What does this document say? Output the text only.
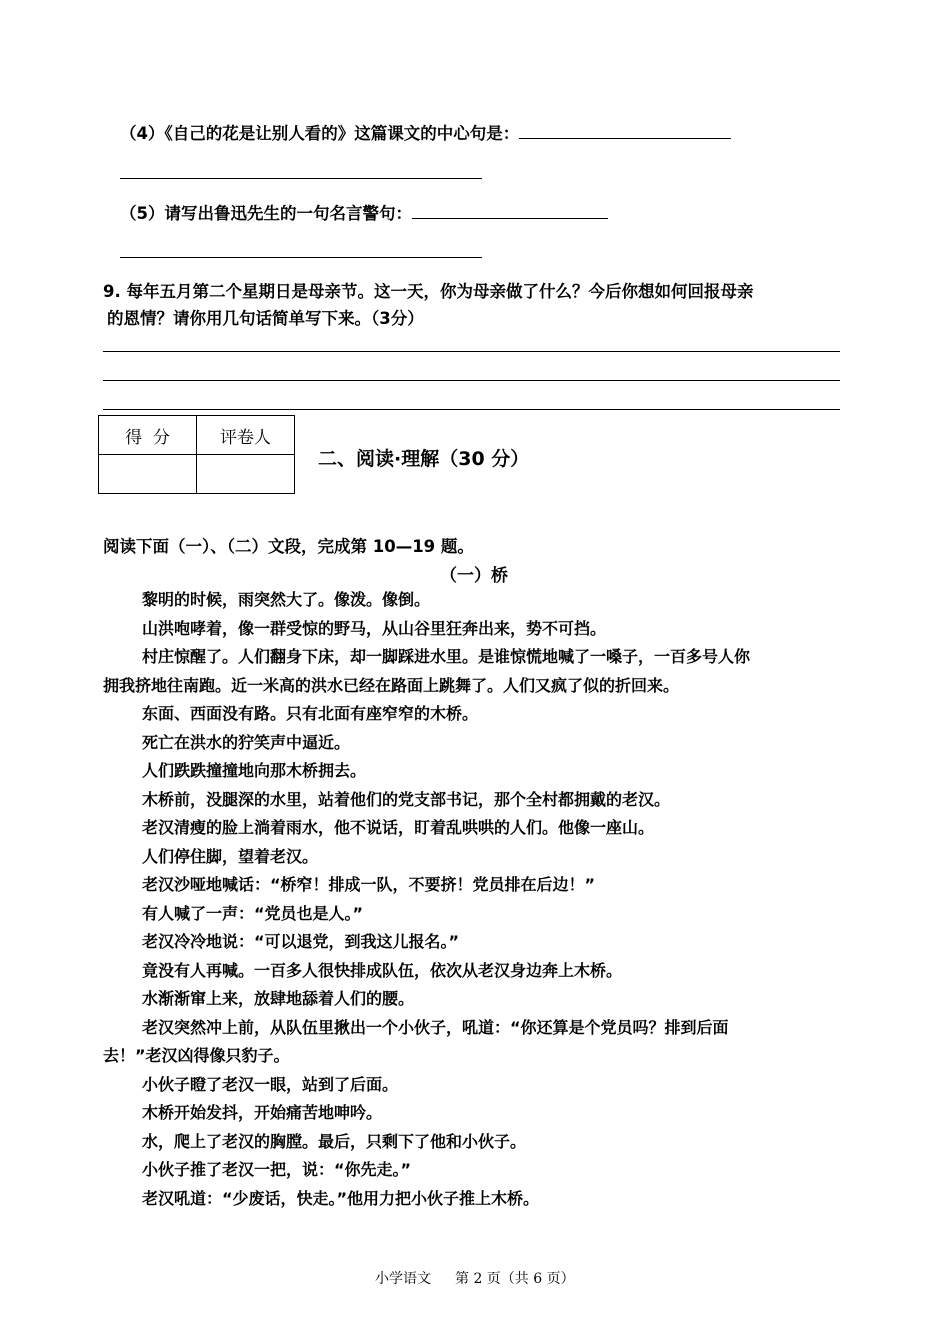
（4）《自己的花是让别人看的》这篇课文的中心句是：
（5）请写出鲁迅先生的一句名言警句：
9. 每年五月第二个星期日是母亲节。这一天，你为母亲做了什么？今后你想如何回报母亲
的恩情？请你用几句话简单写下来。（3分）
得  分	评卷人

二、阅读·理解（30 分）
阅读下面（一）、（二）文段，完成第 10—19 题。
（一）桥

黎明的时候，雨突然大了。像泼。像倒。

山洪咆哮着，像一群受惊的野马，从山谷里狂奔出来，势不可挡。

村庄惊醒了。人们翻身下床，却一脚踩进水里。是谁惊慌地喊了一嗓子，一百多号人你

拥我挤地往南跑。近一米高的洪水已经在路面上跳舞了。人们又疯了似的折回来。

东面、西面没有路。只有北面有座窄窄的木桥。

死亡在洪水的狞笑声中逼近。

人们跌跌撞撞地向那木桥拥去。

木桥前，没腿深的水里，站着他们的党支部书记，那个全村都拥戴的老汉。

老汉清瘦的脸上淌着雨水，他不说话，盯着乱哄哄的人们。他像一座山。

人们停住脚，望着老汉。

老汉沙哑地喊话：“桥窄！排成一队，不要挤！党员排在后边！”

有人喊了一声：“党员也是人。”

老汉冷冷地说：“可以退党，到我这儿报名。”

竟没有人再喊。一百多人很快排成队伍，依次从老汉身边奔上木桥。

水渐渐窜上来，放肆地舔着人们的腰。

老汉突然冲上前，从队伍里揪出一个小伙子，吼道：“你还算是个党员吗？排到后面

去！”老汉凶得像只豹子。

小伙子瞪了老汉一眼，站到了后面。

木桥开始发抖，开始痛苦地呻吟。

水，爬上了老汉的胸膛。最后，只剩下了他和小伙子。

小伙子推了老汉一把，说：“你先走。”

老汉吼道：“少废话，快走。”他用力把小伙子推上木桥。

小学语文 第 2 页（共 6 页）
